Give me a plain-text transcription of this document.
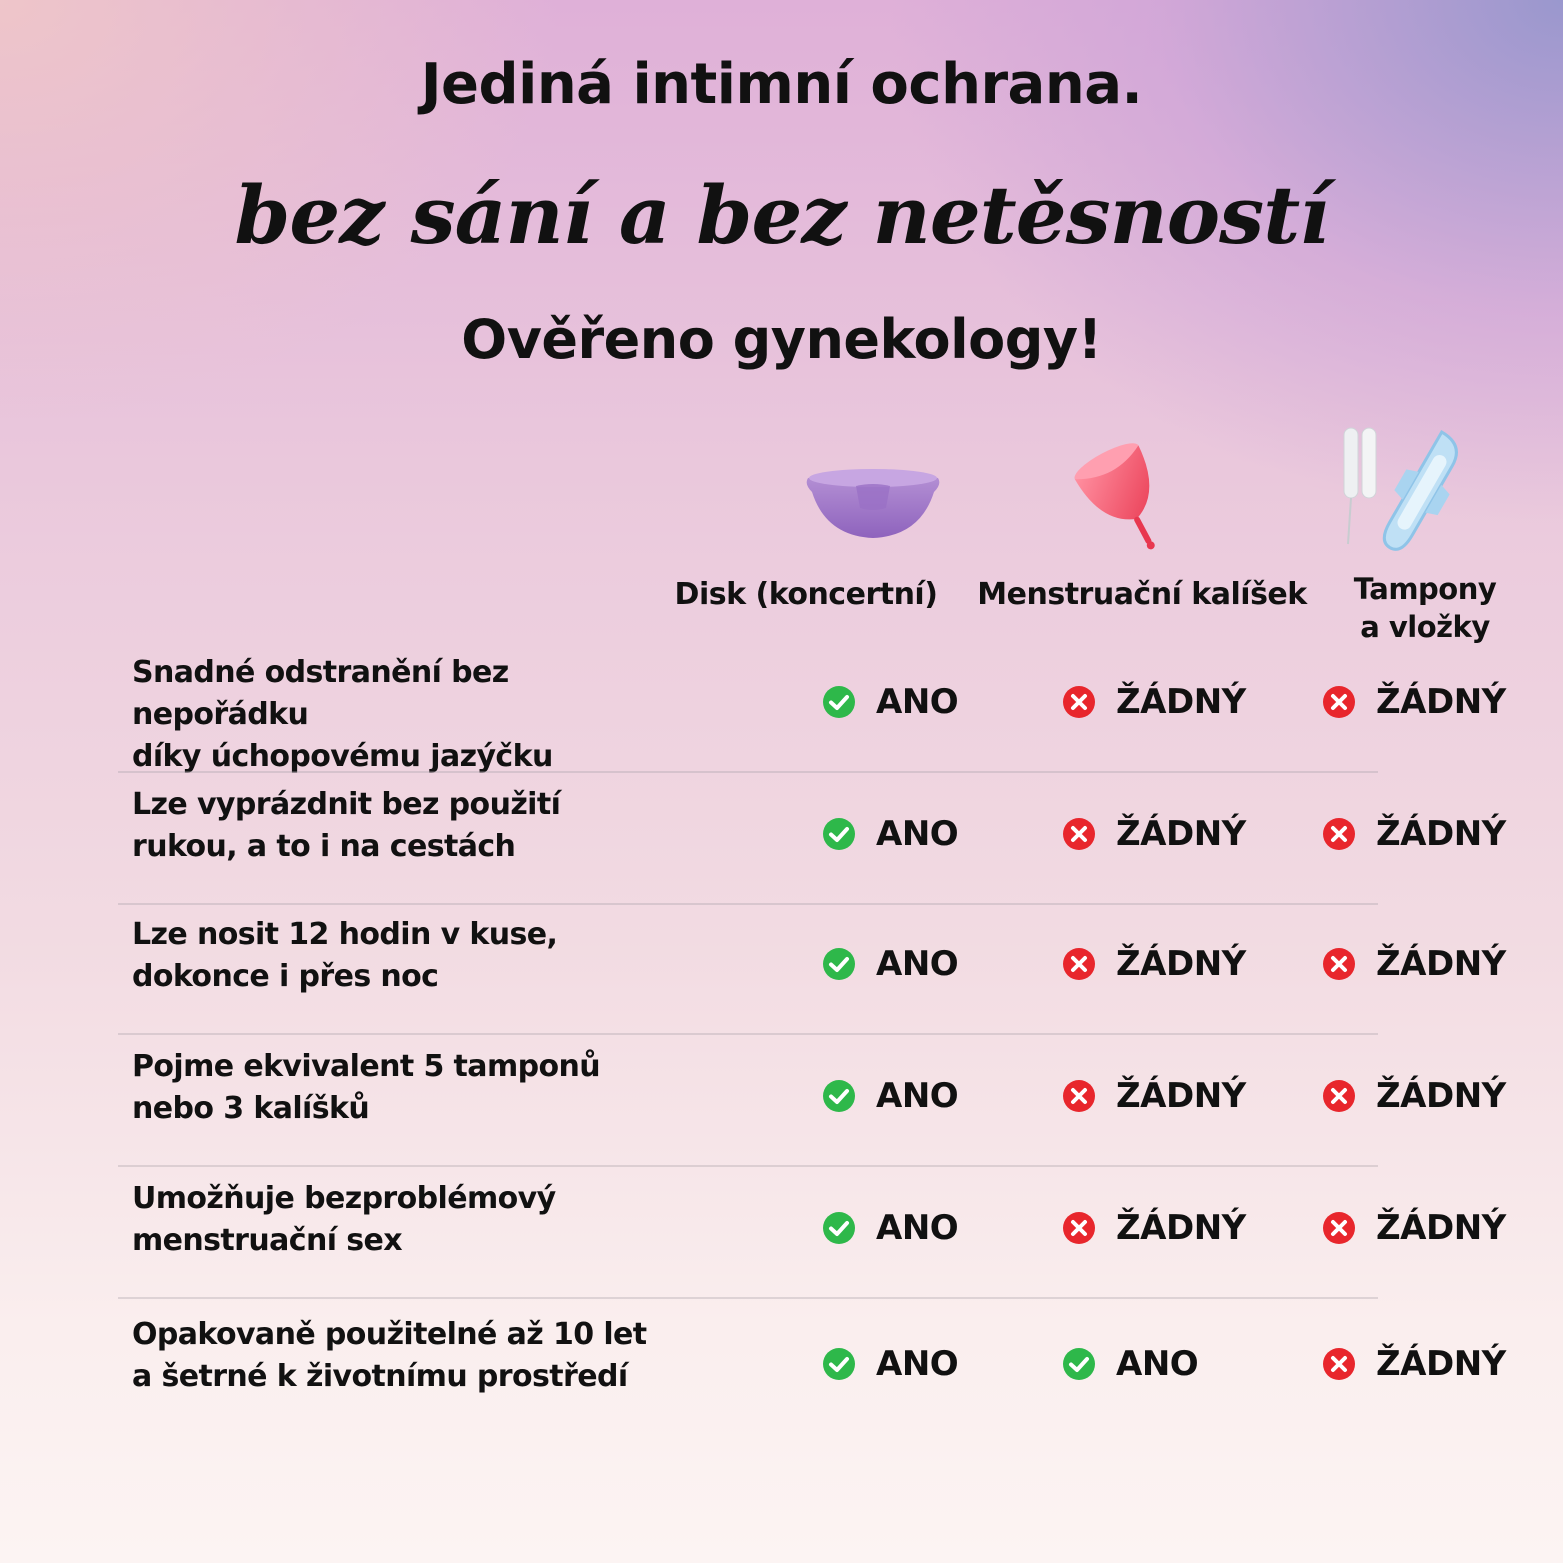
Jediná intimní ochrana.
bez sání a bez netěsností
Ověřeno gynekology!
Disk (koncertní)	Menstruační kalíšek	Tampony a vložky
Snadné odstranění bez nepořádku
díky úchopovému jazýčku
ANO	ŽÁDNÝ	ŽÁDNÝ
Lze vyprázdnit bez použití
rukou, a to i na cestách	ANO	ŽÁDNÝ	ŽÁDNÝ
Lze nosit 12 hodin v kuse,
dokonce i přes noc	ANO	ŽÁDNÝ	ŽÁDNÝ
Pojme ekvivalent 5 tamponů
nebo 3 kalíšků	ANO	ŽÁDNÝ	ŽÁDNÝ
Umožňuje bezproblémový
menstruační sex	ANO	ŽÁDNÝ	ŽÁDNÝ
Opakovaně použitelné až 10 let
a šetrné k životnímu prostředí	ANO	ANO	ŽÁDNÝ
